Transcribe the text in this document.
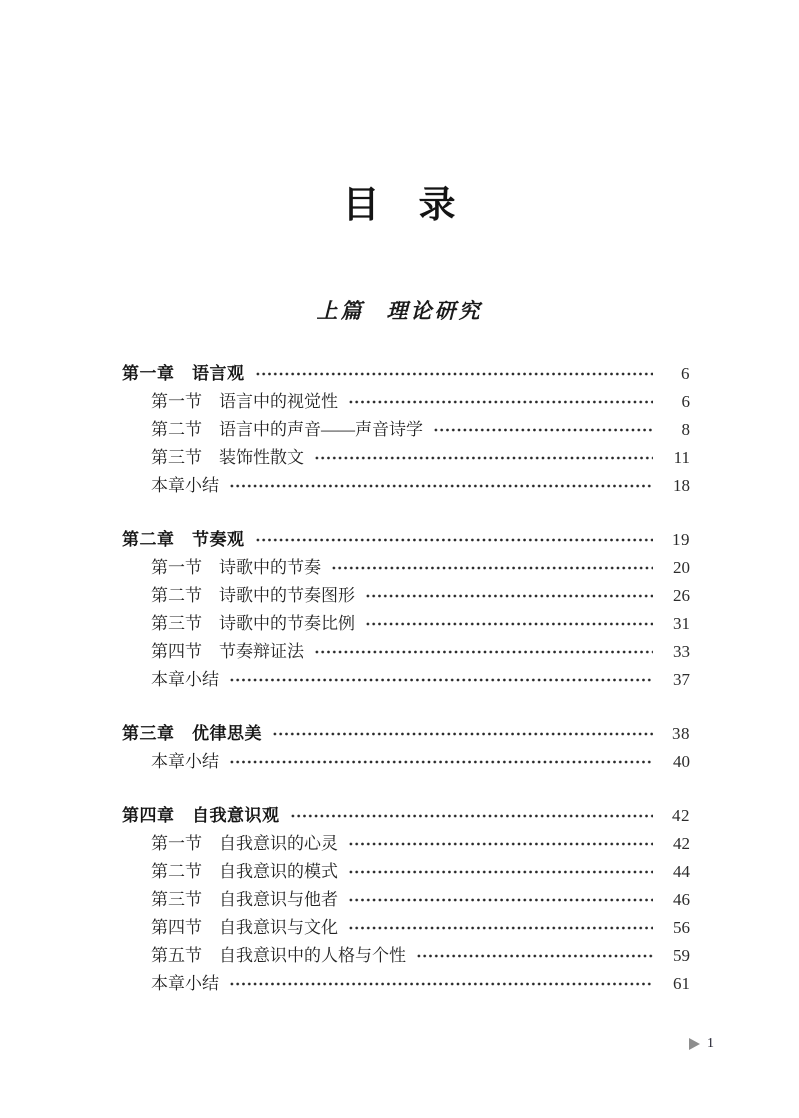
目　录
上篇 理论研究
第一章　语言观	6
第一节　语言中的视觉性	6
第二节　语言中的声音——声音诗学	8
第三节　装饰性散文	11
本章小结	18
第二章　节奏观	19
第一节　诗歌中的节奏	20
第二节　诗歌中的节奏图形	26
第三节　诗歌中的节奏比例	31
第四节　节奏辩证法	33
本章小结	37
第三章　优律思美	38
本章小结	40
第四章　自我意识观	42
第一节　自我意识的心灵	42
第二节　自我意识的模式	44
第三节　自我意识与他者	46
第四节　自我意识与文化	56
第五节　自我意识中的人格与个性	59
本章小结	61
1
